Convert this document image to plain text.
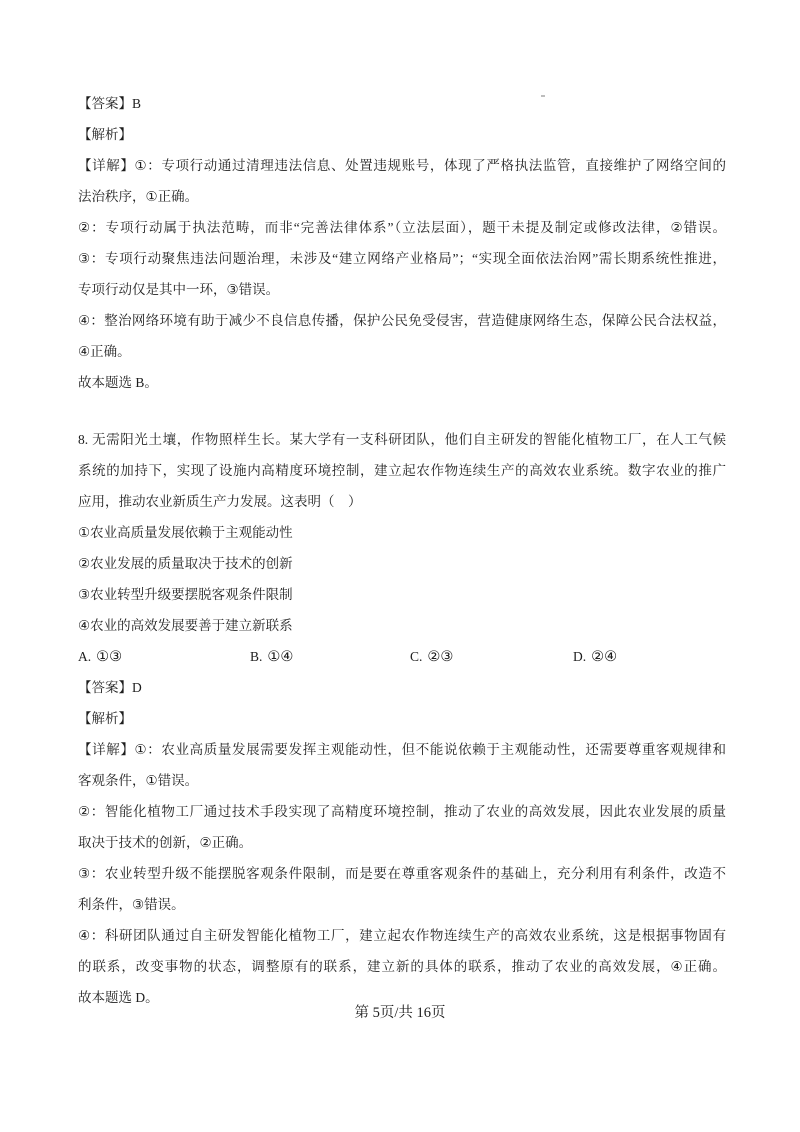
【答案】B
【解析】
【详解】①：专项行动通过清理违法信息、处置违规账号，体现了严格执法监管，直接维护了网络空间的
法治秩序，①正确。
②：专项行动属于执法范畴，而非“完善法律体系”（立法层面），题干未提及制定或修改法律，②错误。
③：专项行动聚焦违法问题治理，未涉及“建立网络产业格局”；“实现全面依法治网”需长期系统性推进，
专项行动仅是其中一环，③错误。
④：整治网络环境有助于减少不良信息传播，保护公民免受侵害，营造健康网络生态，保障公民合法权益，
④正确。
故本题选 B。
8. 无需阳光土壤，作物照样生长。某大学有一支科研团队，他们自主研发的智能化植物工厂，在人工气候
系统的加持下，实现了设施内高精度环境控制，建立起农作物连续生产的高效农业系统。数字农业的推广
应用，推动农业新质生产力发展。这表明（　）
①农业高质量发展依赖于主观能动性
②农业发展的质量取决于技术的创新
③农业转型升级要摆脱客观条件限制
④农业的高效发展要善于建立新联系
A. ①③	B. ①④	C. ②③	D. ②④
【答案】D
【解析】
【详解】①：农业高质量发展需要发挥主观能动性，但不能说依赖于主观能动性，还需要尊重客观规律和
客观条件，①错误。
②：智能化植物工厂通过技术手段实现了高精度环境控制，推动了农业的高效发展，因此农业发展的质量
取决于技术的创新，②正确。
③：农业转型升级不能摆脱客观条件限制，而是要在尊重客观条件的基础上，充分利用有利条件，改造不
利条件，③错误。
④：科研团队通过自主研发智能化植物工厂，建立起农作物连续生产的高效农业系统，这是根据事物固有
的联系，改变事物的状态，调整原有的联系，建立新的具体的联系，推动了农业的高效发展，④正确。
故本题选 D。
第 5页/共 16页
